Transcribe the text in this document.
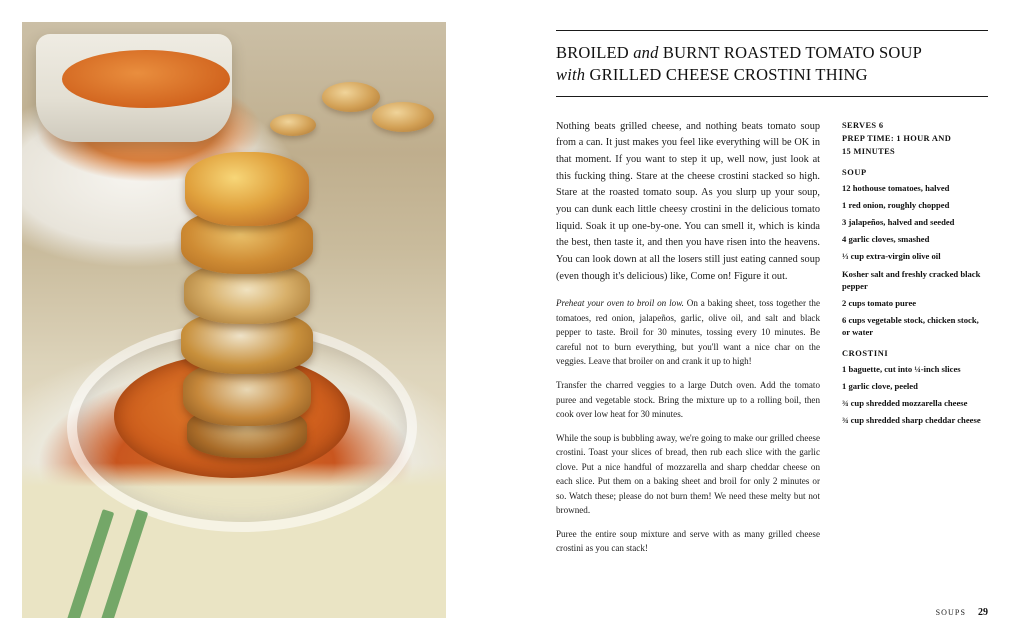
BROILED and BURNT ROASTED TOMATO SOUP
with GRILLED CHEESE CROSTINI THING

Nothing beats grilled cheese, and nothing beats tomato soup from a can. It just makes you feel like everything will be OK in that moment. If you want to step it up, well now, just look at this fucking thing. Stare at the cheese crostini stacked so high. Stare at the roasted tomato soup. As you slurp up your soup, you can dunk each little cheesy crostini in the delicious tomato liquid. Soak it up one-by-one. You can smell it, which is kinda the best, then taste it, and then you have risen into the heavens. You can look down at all the losers still just eating canned soup (even though it's delicious) like, Come on! Figure it out.

Preheat your oven to broil on low. On a baking sheet, toss together the tomatoes, red onion, jalapeños, garlic, olive oil, and salt and black pepper to taste. Broil for 30 minutes, tossing every 10 minutes. Be careful not to burn everything, but you'll want a nice char on the veggies. Leave that broiler on and crank it up to high!

Transfer the charred veggies to a large Dutch oven. Add the tomato puree and vegetable stock. Bring the mixture up to a rolling boil, then cook over low heat for 30 minutes.

While the soup is bubbling away, we're going to make our grilled cheese crostini. Toast your slices of bread, then rub each slice with the garlic clove. Put a nice handful of mozzarella and sharp cheddar cheese on each slice. Put them on a baking sheet and broil for only 2 minutes or so. Watch these; please do not burn them! We need these melty but not browned.

Puree the entire soup mixture and serve with as many grilled cheese crostini as you can stack!

SERVES 6
PREP TIME: 1 HOUR AND
15 MINUTES
SOUP
12 hothouse tomatoes, halved
1 red onion, roughly chopped
3 jalapeños, halved and seeded
4 garlic cloves, smashed
⅓ cup extra-virgin olive oil
Kosher salt and freshly cracked black pepper
2 cups tomato puree
6 cups vegetable stock, chicken stock, or water
CROSTINI
1 baguette, cut into ¼-inch slices
1 garlic clove, peeled
¾ cup shredded mozzarella cheese
¾ cup shredded sharp cheddar cheese
SOUPS 29
